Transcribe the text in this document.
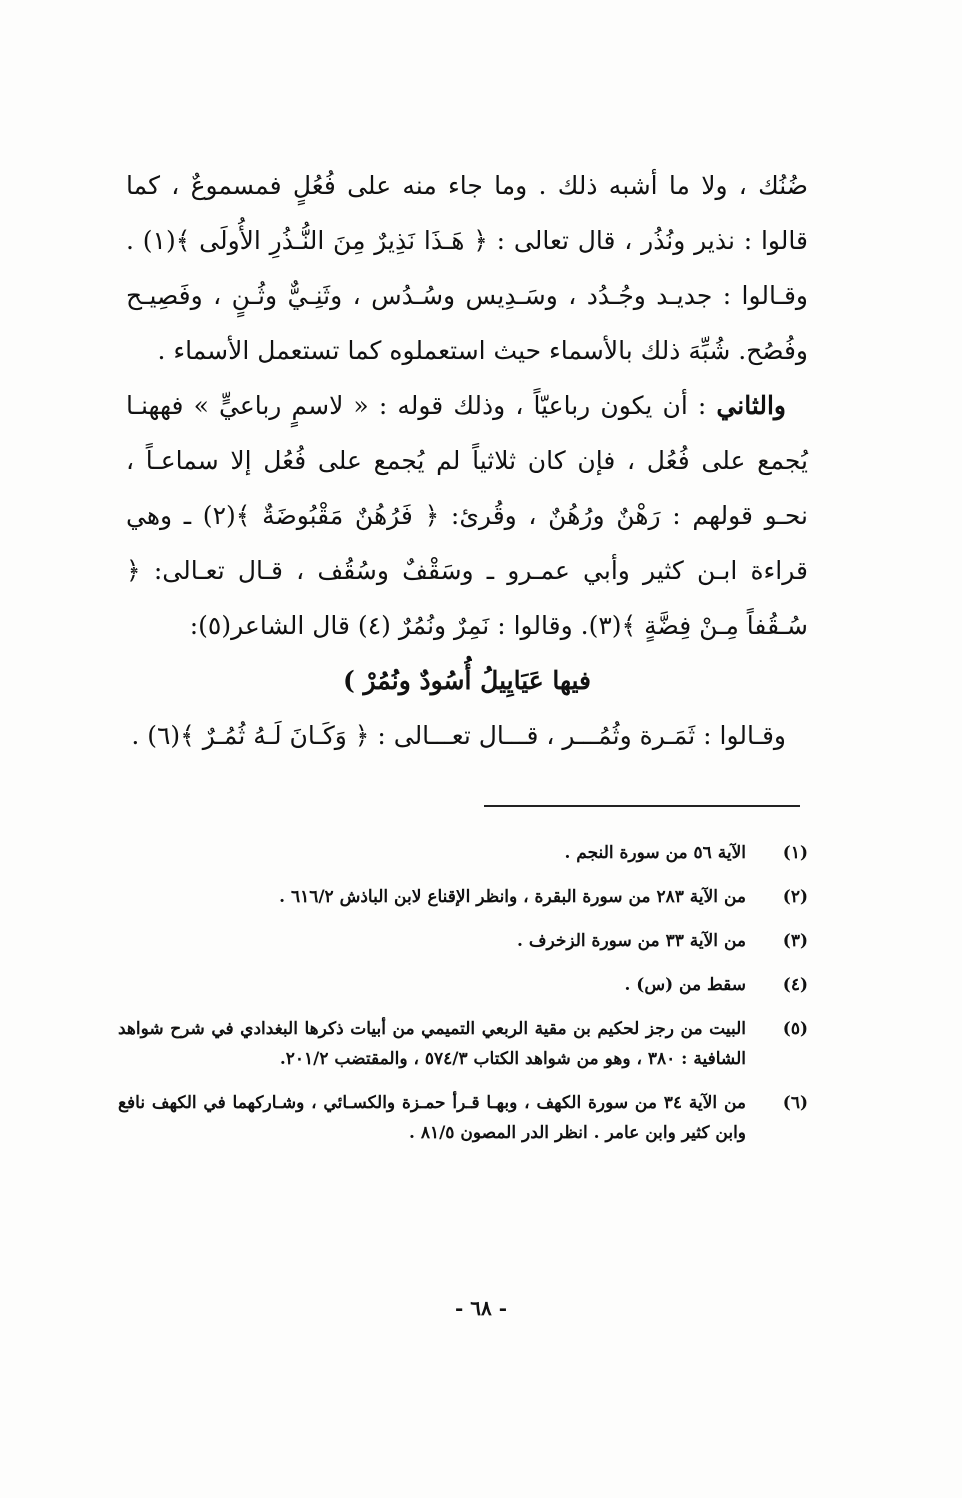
ضُنُك ، ولا ما أشبه ذلك . وما جاء منه على فُعُلٍ فمسموعٌ ، كما قالوا : نذير ونُذُر ، قال تعالى : ﴿ هَـذَا نَذِيرٌ مِنَ النُّـذُرِ الأُولَى ﴾(١) . وقـالوا : جديـد وجُـدُد ، وسَـدِيس وسُـدُس ، وثَنِـيٌّ وثُـنٍ ، وفَصِيـح وفُصُح. شُبِّهَ ذلك بالأسماء حيث استعملوه كما تستعمل الأسماء .

والثاني : أن يكون رباعيّاً ، وذلك قوله : « لاسمٍ رباعيٍّ » فههنـا يُجمع على فُعُل ، فإن كان ثلاثياً لم يُجمع على فُعُل إلا سماعـاً ، نحـو قولهم : رَهْنٌ ورُهُنٌ ، وقُرئ: ﴿ فَرُهُنٌ مَقْبُوضَةٌ ﴾(٢) ـ وهي قراءة ابـن كثير وأبي عمـرو ـ وسَقْفٌ وسُقُف ، قـال تعـالى: ﴿ سُـقُفاً مِـنْ فِضَّةٍ ﴾(٣). وقالوا : نَمِرٌ ونُمُرٌ (٤) قال الشاعر(٥):

فيها عَيَايِيلُ أُسُودٌ ونُمُرْ )

وقـالوا : ثَمَـرة وثُمُـــر ، قـــال تعـــالى : ﴿ وَكَـانَ لَـهُ ثُمُـرٌ ﴾(٦) .

(١)
الآية ٥٦ من سورة النجم .
(٢)
من الآية ٢٨٣ من سورة البقرة ، وانظر الإقناع لابن الباذش ٦١٦/٢ .
(٣)
من الآية ٣٣ من سورة الزخرف .
(٤)
سقط من (س) .
(٥)
البيت من رجز لحكيم بن مقية الربعي التميمي من أبيات ذكرها البغدادي في شرح شواهد الشافية : ٣٨٠ ، وهو من شواهد الكتاب ٥٧٤/٣ ، والمقتضب ٢٠١/٢.
(٦)
من الآية ٣٤ من سورة الكهف ، وبهـا قـرأ حمـزة والكسـائي ، وشـاركهما في الكهف نافع وابن كثير وابن عامر . انظر الدر المصون ٨١/٥ .
- ٦٨ -
